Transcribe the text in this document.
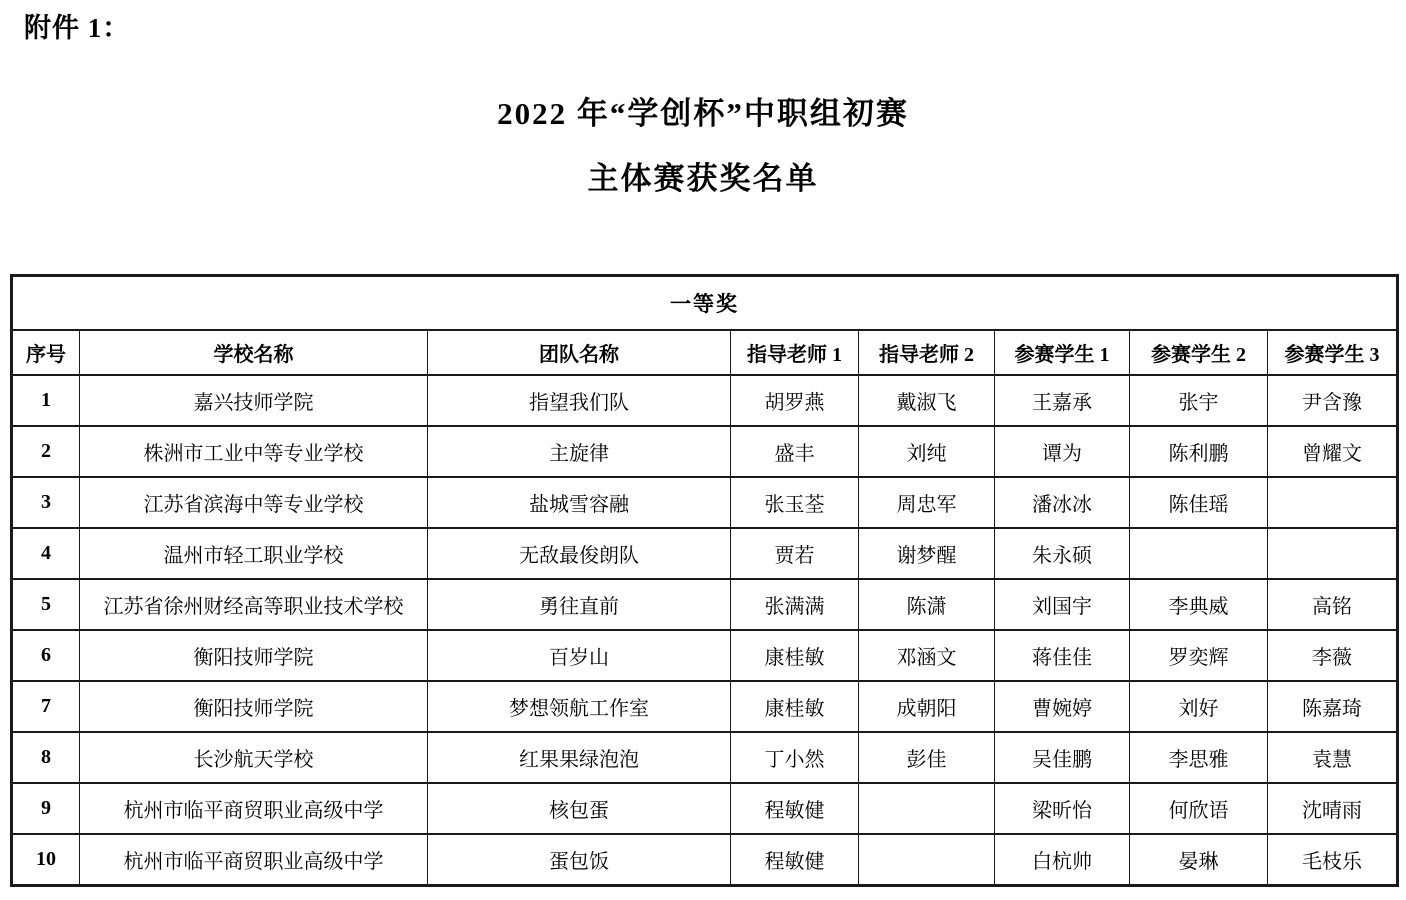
附件 1：
2022 年“学创杯”中职组初赛
主体赛获奖名单
一等奖							
序号	学校名称	团队名称	指导老师 1	指导老师 2	参赛学生 1	参赛学生 2	参赛学生 3
1	嘉兴技师学院	指望我们队	胡罗燕	戴淑飞	王嘉承	张宇	尹含豫
2	株洲市工业中等专业学校	主旋律	盛丰	刘纯	谭为	陈利鹏	曾耀文
3	江苏省滨海中等专业学校	盐城雪容融	张玉荃	周忠军	潘冰冰	陈佳瑶	
4	温州市轻工职业学校	无敌最俊朗队	贾若	谢梦醒	朱永硕		
5	江苏省徐州财经高等职业技术学校	勇往直前	张满满	陈潇	刘国宇	李典威	高铭
6	衡阳技师学院	百岁山	康桂敏	邓涵文	蒋佳佳	罗奕辉	李薇
7	衡阳技师学院	梦想领航工作室	康桂敏	成朝阳	曹婉婷	刘好	陈嘉琦
8	长沙航天学校	红果果绿泡泡	丁小然	彭佳	吴佳鹏	李思雅	袁慧
9	杭州市临平商贸职业高级中学	核包蛋	程敏健		梁昕怡	何欣语	沈晴雨
10	杭州市临平商贸职业高级中学	蛋包饭	程敏健		白杭帅	晏琳	毛枝乐
